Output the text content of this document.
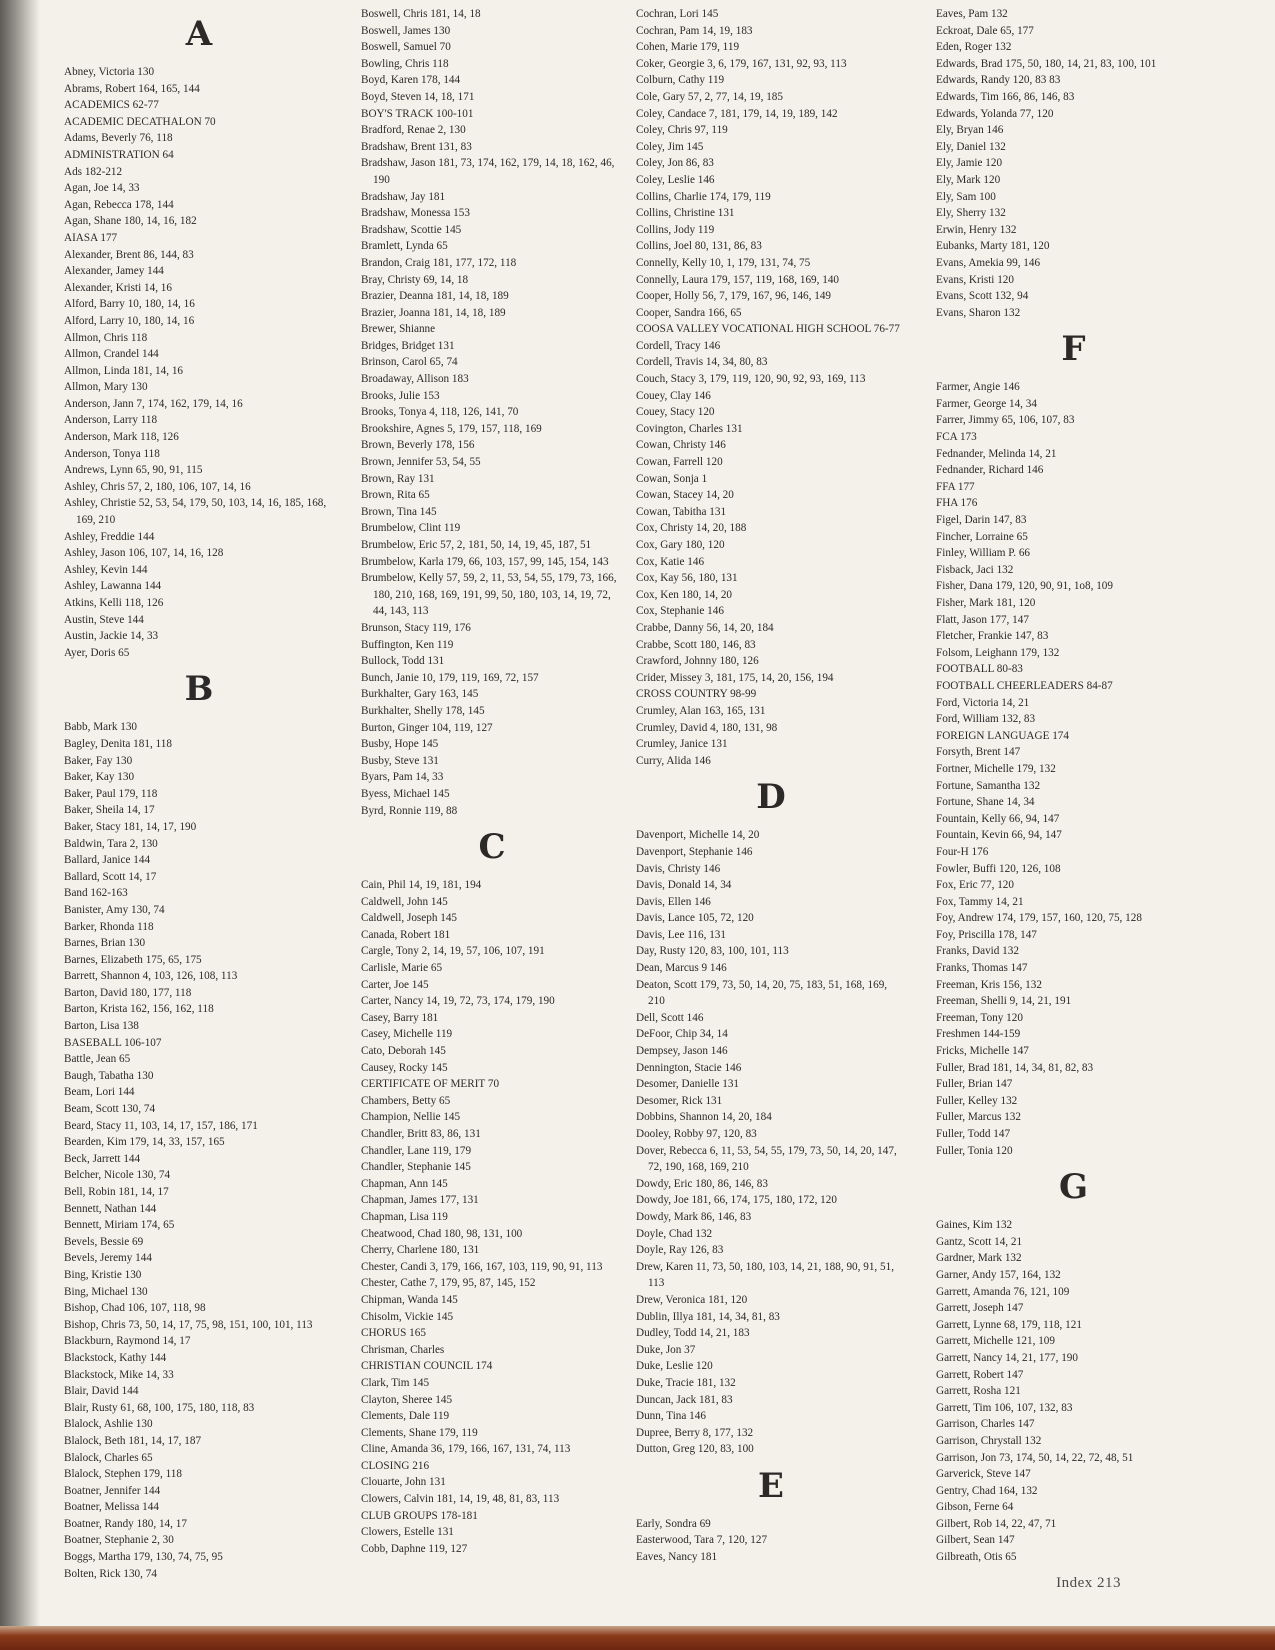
A
Abney, Victoria 130
Abrams, Robert 164, 165, 144
ACADEMICS 62-77
ACADEMIC DECATHALON 70
Adams, Beverly 76, 118
ADMINISTRATION 64
Ads 182-212
Agan, Joe 14, 33
Agan, Rebecca 178, 144
Agan, Shane 180, 14, 16, 182
AIASA 177
Alexander, Brent 86, 144, 83
Alexander, Jamey 144
Alexander, Kristi 14, 16
Alford, Barry 10, 180, 14, 16
Alford, Larry 10, 180, 14, 16
Allmon, Chris 118
Allmon, Crandel 144
Allmon, Linda 181, 14, 16
Allmon, Mary 130
Anderson, Jann 7, 174, 162, 179, 14, 16
Anderson, Larry 118
Anderson, Mark 118, 126
Anderson, Tonya 118
Andrews, Lynn 65, 90, 91, 115
Ashley, Chris 57, 2, 180, 106, 107, 14, 16
Ashley, Christie 52, 53, 54, 179, 50, 103, 14, 16, 185, 168, 169, 210
Ashley, Freddie 144
Ashley, Jason 106, 107, 14, 16, 128
Ashley, Kevin 144
Ashley, Lawanna 144
Atkins, Kelli 118, 126
Austin, Steve 144
Austin, Jackie 14, 33
Ayer, Doris 65
B
Babb, Mark 130
Bagley, Denita 181, 118
Baker, Fay 130
Baker, Kay 130
Baker, Paul 179, 118
Baker, Sheila 14, 17
Baker, Stacy 181, 14, 17, 190
Baldwin, Tara 2, 130
Ballard, Janice 144
Ballard, Scott 14, 17
Band 162-163
Banister, Amy 130, 74
Barker, Rhonda 118
Barnes, Brian 130
Barnes, Elizabeth 175, 65, 175
Barrett, Shannon 4, 103, 126, 108, 113
Barton, David 180, 177, 118
Barton, Krista 162, 156, 162, 118
Barton, Lisa 138
BASEBALL 106-107
Battle, Jean 65
Baugh, Tabatha 130
Beam, Lori 144
Beam, Scott 130, 74
Beard, Stacy 11, 103, 14, 17, 157, 186, 171
Bearden, Kim 179, 14, 33, 157, 165
Beck, Jarrett 144
Belcher, Nicole 130, 74
Bell, Robin 181, 14, 17
Bennett, Nathan 144
Bennett, Miriam 174, 65
Bevels, Bessie 69
Bevels, Jeremy 144
Bing, Kristie 130
Bing, Michael 130
Bishop, Chad 106, 107, 118, 98
Bishop, Chris 73, 50, 14, 17, 75, 98, 151, 100, 101, 113
Blackburn, Raymond 14, 17
Blackstock, Kathy 144
Blackstock, Mike 14, 33
Blair, David 144
Blair, Rusty 61, 68, 100, 175, 180, 118, 83
Blalock, Ashlie 130
Blalock, Beth 181, 14, 17, 187
Blalock, Charles 65
Blalock, Stephen 179, 118
Boatner, Jennifer 144
Boatner, Melissa 144
Boatner, Randy 180, 14, 17
Boatner, Stephanie 2, 30
Boggs, Martha 179, 130, 74, 75, 95
Bolten, Rick 130, 74
Boswell, Chris 181, 14, 18
Boswell, James 130
Boswell, Samuel 70
Bowling, Chris 118
Boyd, Karen 178, 144
Boyd, Steven 14, 18, 171
BOY'S TRACK 100-101
Bradford, Renae 2, 130
Bradshaw, Brent 131, 83
Bradshaw, Jason 181, 73, 174, 162, 179, 14, 18, 162, 46, 190
Bradshaw, Jay 181
Bradshaw, Monessa 153
Bradshaw, Scottie 145
Bramlett, Lynda 65
Brandon, Craig 181, 177, 172, 118
Bray, Christy 69, 14, 18
Brazier, Deanna 181, 14, 18, 189
Brazier, Joanna 181, 14, 18, 189
Brewer, Shianne
Bridges, Bridget 131
Brinson, Carol 65, 74
Broadaway, Allison 183
Brooks, Julie 153
Brooks, Tonya 4, 118, 126, 141, 70
Brookshire, Agnes 5, 179, 157, 118, 169
Brown, Beverly 178, 156
Brown, Jennifer 53, 54, 55
Brown, Ray 131
Brown, Rita 65
Brown, Tina 145
Brumbelow, Clint 119
Brumbelow, Eric 57, 2, 181, 50, 14, 19, 45, 187, 51
Brumbelow, Karla 179, 66, 103, 157, 99, 145, 154, 143
Brumbelow, Kelly 57, 59, 2, 11, 53, 54, 55, 179, 73, 166, 180, 210, 168, 169, 191, 99, 50, 180, 103, 14, 19, 72, 44, 143, 113
Brunson, Stacy 119, 176
Buffington, Ken 119
Bullock, Todd 131
Bunch, Janie 10, 179, 119, 169, 72, 157
Burkhalter, Gary 163, 145
Burkhalter, Shelly 178, 145
Burton, Ginger 104, 119, 127
Busby, Hope 145
Busby, Steve 131
Byars, Pam 14, 33
Byess, Michael 145
Byrd, Ronnie 119, 88
C
Cain, Phil 14, 19, 181, 194
Caldwell, John 145
Caldwell, Joseph 145
Canada, Robert 181
Cargle, Tony 2, 14, 19, 57, 106, 107, 191
Carlisle, Marie 65
Carter, Joe 145
Carter, Nancy 14, 19, 72, 73, 174, 179, 190
Casey, Barry 181
Casey, Michelle 119
Cato, Deborah 145
Causey, Rocky 145
CERTIFICATE OF MERIT 70
Chambers, Betty 65
Champion, Nellie 145
Chandler, Britt 83, 86, 131
Chandler, Lane 119, 179
Chandler, Stephanie 145
Chapman, Ann 145
Chapman, James 177, 131
Chapman, Lisa 119
Cheatwood, Chad 180, 98, 131, 100
Cherry, Charlene 180, 131
Chester, Candi 3, 179, 166, 167, 103, 119, 90, 91, 113
Chester, Cathe 7, 179, 95, 87, 145, 152
Chipman, Wanda 145
Chisolm, Vickie 145
CHORUS 165
Chrisman, Charles
CHRISTIAN COUNCIL 174
Clark, Tim 145
Clayton, Sheree 145
Clements, Dale 119
Clements, Shane 179, 119
Cline, Amanda 36, 179, 166, 167, 131, 74, 113
CLOSING 216
Clouarte, John 131
Clowers, Calvin 181, 14, 19, 48, 81, 83, 113
CLUB GROUPS 178-181
Clowers, Estelle 131
Cobb, Daphne 119, 127
Cochran, Lori 145
Cochran, Pam 14, 19, 183
Cohen, Marie 179, 119
Coker, Georgie 3, 6, 179, 167, 131, 92, 93, 113
Colburn, Cathy 119
Cole, Gary 57, 2, 77, 14, 19, 185
Coley, Candace 7, 181, 179, 14, 19, 189, 142
Coley, Chris 97, 119
Coley, Jim 145
Coley, Jon 86, 83
Coley, Leslie 146
Collins, Charlie 174, 179, 119
Collins, Christine 131
Collins, Jody 119
Collins, Joel 80, 131, 86, 83
Connelly, Kelly 10, 1, 179, 131, 74, 75
Connelly, Laura 179, 157, 119, 168, 169, 140
Cooper, Holly 56, 7, 179, 167, 96, 146, 149
Cooper, Sandra 166, 65
COOSA VALLEY VOCATIONAL HIGH SCHOOL 76-77
Cordell, Tracy 146
Cordell, Travis 14, 34, 80, 83
Couch, Stacy 3, 179, 119, 120, 90, 92, 93, 169, 113
Couey, Clay 146
Couey, Stacy 120
Covington, Charles 131
Cowan, Christy 146
Cowan, Farrell 120
Cowan, Sonja 1
Cowan, Stacey 14, 20
Cowan, Tabitha 131
Cox, Christy 14, 20, 188
Cox, Gary 180, 120
Cox, Katie 146
Cox, Kay 56, 180, 131
Cox, Ken 180, 14, 20
Cox, Stephanie 146
Crabbe, Danny 56, 14, 20, 184
Crabbe, Scott 180, 146, 83
Crawford, Johnny 180, 126
Crider, Missey 3, 181, 175, 14, 20, 156, 194
CROSS COUNTRY 98-99
Crumley, Alan 163, 165, 131
Crumley, David 4, 180, 131, 98
Crumley, Janice 131
Curry, Alida 146
D
Davenport, Michelle 14, 20
Davenport, Stephanie 146
Davis, Christy 146
Davis, Donald 14, 34
Davis, Ellen 146
Davis, Lance 105, 72, 120
Davis, Lee 116, 131
Day, Rusty 120, 83, 100, 101, 113
Dean, Marcus 9 146
Deaton, Scott 179, 73, 50, 14, 20, 75, 183, 51, 168, 169, 210
Dell, Scott 146
DeFoor, Chip 34, 14
Dempsey, Jason 146
Dennington, Stacie 146
Desomer, Danielle 131
Desomer, Rick 131
Dobbins, Shannon 14, 20, 184
Dooley, Robby 97, 120, 83
Dover, Rebecca 6, 11, 53, 54, 55, 179, 73, 50, 14, 20, 147, 72, 190, 168, 169, 210
Dowdy, Eric 180, 86, 146, 83
Dowdy, Joe 181, 66, 174, 175, 180, 172, 120
Dowdy, Mark 86, 146, 83
Doyle, Chad 132
Doyle, Ray 126, 83
Drew, Karen 11, 73, 50, 180, 103, 14, 21, 188, 90, 91, 51, 113
Drew, Veronica 181, 120
Dublin, Illya 181, 14, 34, 81, 83
Dudley, Todd 14, 21, 183
Duke, Jon 37
Duke, Leslie 120
Duke, Tracie 181, 132
Duncan, Jack 181, 83
Dunn, Tina 146
Dupree, Berry 8, 177, 132
Dutton, Greg 120, 83, 100
E
Early, Sondra 69
Easterwood, Tara 7, 120, 127
Eaves, Nancy 181
Eaves, Pam 132
Eckroat, Dale 65, 177
Eden, Roger 132
Edwards, Brad 175, 50, 180, 14, 21, 83, 100, 101
Edwards, Randy 120, 83 83
Edwards, Tim 166, 86, 146, 83
Edwards, Yolanda 77, 120
Ely, Bryan 146
Ely, Daniel 132
Ely, Jamie 120
Ely, Mark 120
Ely, Sam 100
Ely, Sherry 132
Erwin, Henry 132
Eubanks, Marty 181, 120
Evans, Amekia 99, 146
Evans, Kristi 120
Evans, Scott 132, 94
Evans, Sharon 132
F
Farmer, Angie 146
Farmer, George 14, 34
Farrer, Jimmy 65, 106, 107, 83
FCA 173
Fednander, Melinda 14, 21
Fednander, Richard 146
FFA 177
FHA 176
Figel, Darin 147, 83
Fincher, Lorraine 65
Finley, William P. 66
Fisback, Jaci 132
Fisher, Dana 179, 120, 90, 91, 1o8, 109
Fisher, Mark 181, 120
Flatt, Jason 177, 147
Fletcher, Frankie 147, 83
Folsom, Leighann 179, 132
FOOTBALL 80-83
FOOTBALL CHEERLEADERS 84-87
Ford, Victoria 14, 21
Ford, William 132, 83
FOREIGN LANGUAGE 174
Forsyth, Brent 147
Fortner, Michelle 179, 132
Fortune, Samantha 132
Fortune, Shane 14, 34
Fountain, Kelly 66, 94, 147
Fountain, Kevin 66, 94, 147
Four-H 176
Fowler, Buffi 120, 126, 108
Fox, Eric 77, 120
Fox, Tammy 14, 21
Foy, Andrew 174, 179, 157, 160, 120, 75, 128
Foy, Priscilla 178, 147
Franks, David 132
Franks, Thomas 147
Freeman, Kris 156, 132
Freeman, Shelli 9, 14, 21, 191
Freeman, Tony 120
Freshmen 144-159
Fricks, Michelle 147
Fuller, Brad 181, 14, 34, 81, 82, 83
Fuller, Brian 147
Fuller, Kelley 132
Fuller, Marcus 132
Fuller, Todd 147
Fuller, Tonia 120
G
Gaines, Kim 132
Gantz, Scott 14, 21
Gardner, Mark 132
Garner, Andy 157, 164, 132
Garrett, Amanda 76, 121, 109
Garrett, Joseph 147
Garrett, Lynne 68, 179, 118, 121
Garrett, Michelle 121, 109
Garrett, Nancy 14, 21, 177, 190
Garrett, Robert 147
Garrett, Rosha 121
Garrett, Tim 106, 107, 132, 83
Garrison, Charles 147
Garrison, Chrystall 132
Garrison, Jon 73, 174, 50, 14, 22, 72, 48, 51
Garverick, Steve 147
Gentry, Chad 164, 132
Gibson, Ferne 64
Gilbert, Rob 14, 22, 47, 71
Gilbert, Sean 147
Gilbreath, Otis 65
Index 213
